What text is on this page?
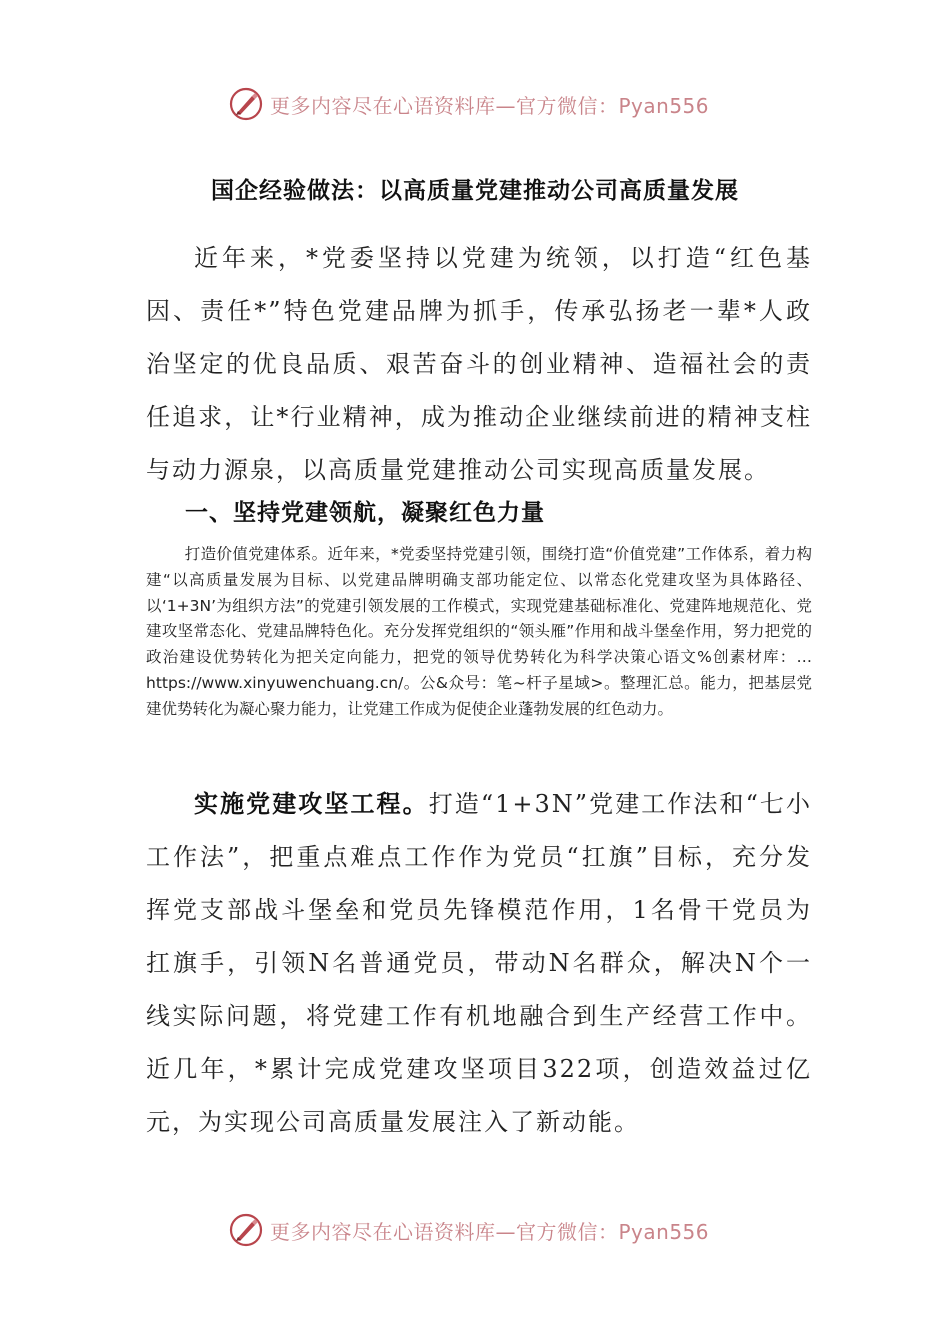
更多内容尽在心语资料库—官方微信：Pyan556
国企经验做法：以高质量党建推动公司高质量发展

近年来，*党委坚持以党建为统领，以打造“红色基因、责任*”特色党建品牌为抓手，传承弘扬老一辈*人政治坚定的优良品质、艰苦奋斗的创业精神、造福社会的责任追求，让*行业精神，成为推动企业继续前进的精神支柱与动力源泉，以高质量党建推动公司实现高质量发展。

一、坚持党建领航，凝聚红色力量

打造价值党建体系。近年来，*党委坚持党建引领，围绕打造“价值党建”工作体系，着力构建“以高质量发展为目标、以党建品牌明确支部功能定位、以常态化党建攻坚为具体路径、以‘1+3N’为组织方法”的党建引领发展的工作模式，实现党建基础标准化、党建阵地规范化、党建攻坚常态化、党建品牌特色化。充分发挥党组织的“领头雁”作用和战斗堡垒作用，努力把党的政治建设优势转化为把关定向能力，把党的领导优势转化为科学决策心语文%创素材库：…https://www.xinyuwenchuang.cn/。公&众号：笔~杆子星域>。整理汇总。能力，把基层党建优势转化为凝心聚力能力，让党建工作成为促使企业蓬勃发展的红色动力。

实施党建攻坚工程。打造“1+3N”党建工作法和“七小工作法”，把重点难点工作作为党员“扛旗”目标，充分发挥党支部战斗堡垒和党员先锋模范作用，1名骨干党员为扛旗手，引领N名普通党员，带动N名群众，解决N个一线实际问题，将党建工作有机地融合到生产经营工作中。近几年，*累计完成党建攻坚项目322项，创造效益过亿元，为实现公司高质量发展注入了新动能。

更多内容尽在心语资料库—官方微信：Pyan556
